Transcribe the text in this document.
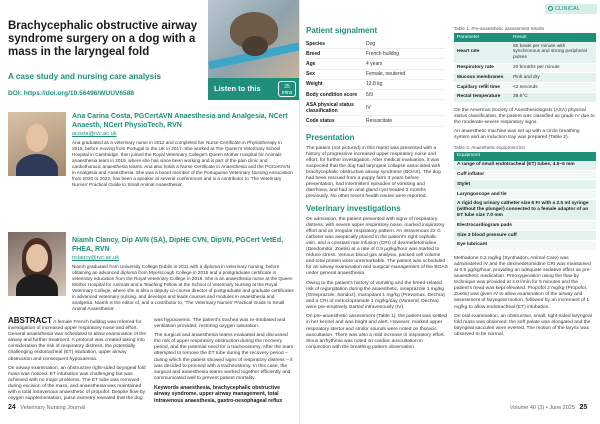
Brachycephalic obstructive airway syndrome surgery on a dog with a mass in the laryngeal fold
A case study and nursing care analysis
DOI: https://doi.org/10.56496/WUUV6588
Listen to this	25
mins
Ana Carina Costa, PGCertAVN Anaesthesia and Analgesia, NCert Anaesth, NCert PhysioTech, RVN
acosta@rvc.ac.uk
Ana graduated as a veterinary nurse in 2012 and completed her Nurse Certificate in Physiotherapy in 2015, before moving from Portugal to the UK in 2017. She worked at The Queen's Veterinary School Hospital in Cambridge, then joined the Royal Veterinary College's Queen Mother Hospital for Animals anaesthesia team in 2019, where she has since been working and is part of the pain clinic and cardiothoracic anaesthesia teams. Ana also holds a Nurse Certificate in Anaesthesia and the PGCertAVN in Analgesia and Anaesthesia. She was a board member of the Portuguese Veterinary Nursing Association from 2020 to 2022, has been a speaker at several conferences and is a contributor to 'The Veterinary Nurses' Practical Guide to Small Animal Anaesthesia'.
Niamh Clancy, Dip AVN (SA), DipHE CVN, DipVN, PGCert VetEd, FHEA, RVN
nclancy@rvc.ac.uk
Niamh graduated from University College Dublin in 2011 with a diploma in veterinary nursing, before obtaining an advanced diploma from Myerscough College in 2015 and a postgraduate certificate in veterinary education from the Royal Veterinary College in 2019. She is an anaesthesia nurse at the Queen Mother Hospital for Animals and a Teaching Fellow at the School of Veterinary Nursing at the Royal Veterinary College, where she is also a deputy co-course director of postgraduate and graduate certificates in advanced veterinary nursing, and develops and leads courses and modules in anaesthesia and analgesia. Niamh is the editor of, and a contributor to, 'The Veterinary Nurses' Practical Guide to Small Animal Anaesthesia'.

ABSTRACT A female French bulldog was referred for investigation of increased upper respiratory noise and effort. General anaesthesia was scheduled to allow examination of the airway and further treatment. A protocol was created taking into consideration the risk of respiratory distress, the potentially challenging endotracheal (ET) intubation, upper airway obstruction and consequent hypoxaemia.

On airway examination, an obstructive right-sided laryngeal fold mass was noticed. ET intubation was challenging but was achieved with no major problems. The ET tube was removed during excision of the mass, and anaesthesia was maintained with a total intravenous anaesthetic of propofol. Despite flow-by oxygen supplementation, pulse oximetry revealed that the dog

was hypoxaemic. The patient's trachea was re-intubated and ventilation provided, restoring oxygen saturation.

The surgical and anaesthesia teams evaluated and discussed the risk of upper respiratory obstruction during the recovery period, and the potential need for a tracheostomy. After the team attempted to remove the ET tube during the recovery period – during which the patient showed signs of respiratory distress – it was decided to proceed with a tracheostomy. In this case, the surgical and anaesthesia teams worked together efficiently and communicated well to prevent patient mortality.

Keywords anaesthesia, brachycephalic obstructive airway syndrome, upper airway management, total intravenous anaesthesia, gastro-oesophageal reflux

24 Veterinary Nursing Journal
CLINICAL
Patient signalment
Species	Dog
Breed	French bulldog
Age	4 years
Sex	Female, neutered
Weight	12.8 kg
Body condition score	5/9
ASA physical status classification	IV
Code status	Resuscitate
Presentation

The patient (not pictured) in this report was presented with a history of progressive increased upper respiratory noise and effort, for further investigation. After medical evaluation, it was suspected that the dog had laryngeal collapse associated with brachycephalic obstructive airway syndrome (BOAS). The dog had been rescued from a puppy farm 3 years before presentation, had intermittent episodes of vomiting and diarrhoea, and had an anal gland cyst treated 3 months previously. No other recent health issues were reported.

Veterinary investigations

On admission, the patient presented with signs of respiratory distress, with severe upper respiratory noise, marked inspiratory effort and an irregular respiratory pattern. An intravenous 22 G catheter was aseptically placed in the patient's right cephalic vein, and a constant rate infusion (CRI) of dexmedetomidine (Dexdomitor, Zoetis) at a rate of 0.5 µg/kg/hour was started to reduce stress. Venous blood gas analysis, packed cell volume and total protein were unremarkable. The patient was scheduled for an airway examination and surgical management of the BOAS under general anaesthesia.

Owing to the patient's history of vomiting and the breed-related risk of regurgitation during the anaesthetic, omeprazole 1 mg/kg (Omeprazole, Sandoz), maropitant 1 mg/kg (Prevomax, Dechra) and a CRI of metoclopramide 1 mg/kg/day (Vomend, Dechra) were pre-emptively started intravenously (IV).

On pre-anaesthetic assessment (Table 1), the patient was settled in her kennel and was bright and alert. However, marked upper respiratory stertor and stridor sounds were noted on thoracic auscultation. There was also a mild increase in inspiratory effort. Sinus arrhythmia was noted on cardiac auscultation in conjunction with the breathing pattern observation.

Table 1. Pre-anaesthetic assessment results
Parameter	Result
Heart rate	80 beats per minute with synchronous and strong peripheral pulses
Respiratory rate	20 breaths per minute
Mucous membranes	Pink and dry
Capillary refill time	<2 seconds
Rectal temperature	38.6°C

On the American Society of Anesthesiologists (ASA) physical status classification, the patient was classified as grade IV due to the moderate-severe respiratory signs.

An anaesthetic machine was set up with a circle breathing system and an induction tray was prepared (Table 2).

Table 2. Anaesthetic equipment list
Equipment
A range of small endotracheal (ET) tubes, 4.5–6 mm
Cuff inflator
Stylet
Laryngoscope and tie
A rigid dog urinary catheter size 6 Fr with a 2.5 ml syringe (without the plunger) connected to a female adaptor of an ET tube size 7.0 mm
Electrocardiogram pads
Size 3 blood pressure cuff
Eye lubricant

Methadone 0.2 mg/kg (Synthadon, Animal Care) was administered IV and the dexmedetomidine CRI was maintained at 0.5 µg/kg/hour, providing an adequate sedative effect as pre-anaesthetic medication. Preoxygenation using the flow-by technique was provided at 4.0 l/min for 5 minutes and the patient's head was kept elevated. Propofol 2 mg/kg (Propofol, Zoetis) was given IV to allow examination of the airway and assessment of laryngeal motion, followed by an increment of 1 mg/kg to allow endotracheal (ET) intubation.

On oral examination, an obstructive, small, right-sided laryngeal fold mass was observed; the soft palate was elongated and the laryngeal saccules were everted. The motion of the larynx was observed to be normal.

Volume 40 (3) • June 2025 25
